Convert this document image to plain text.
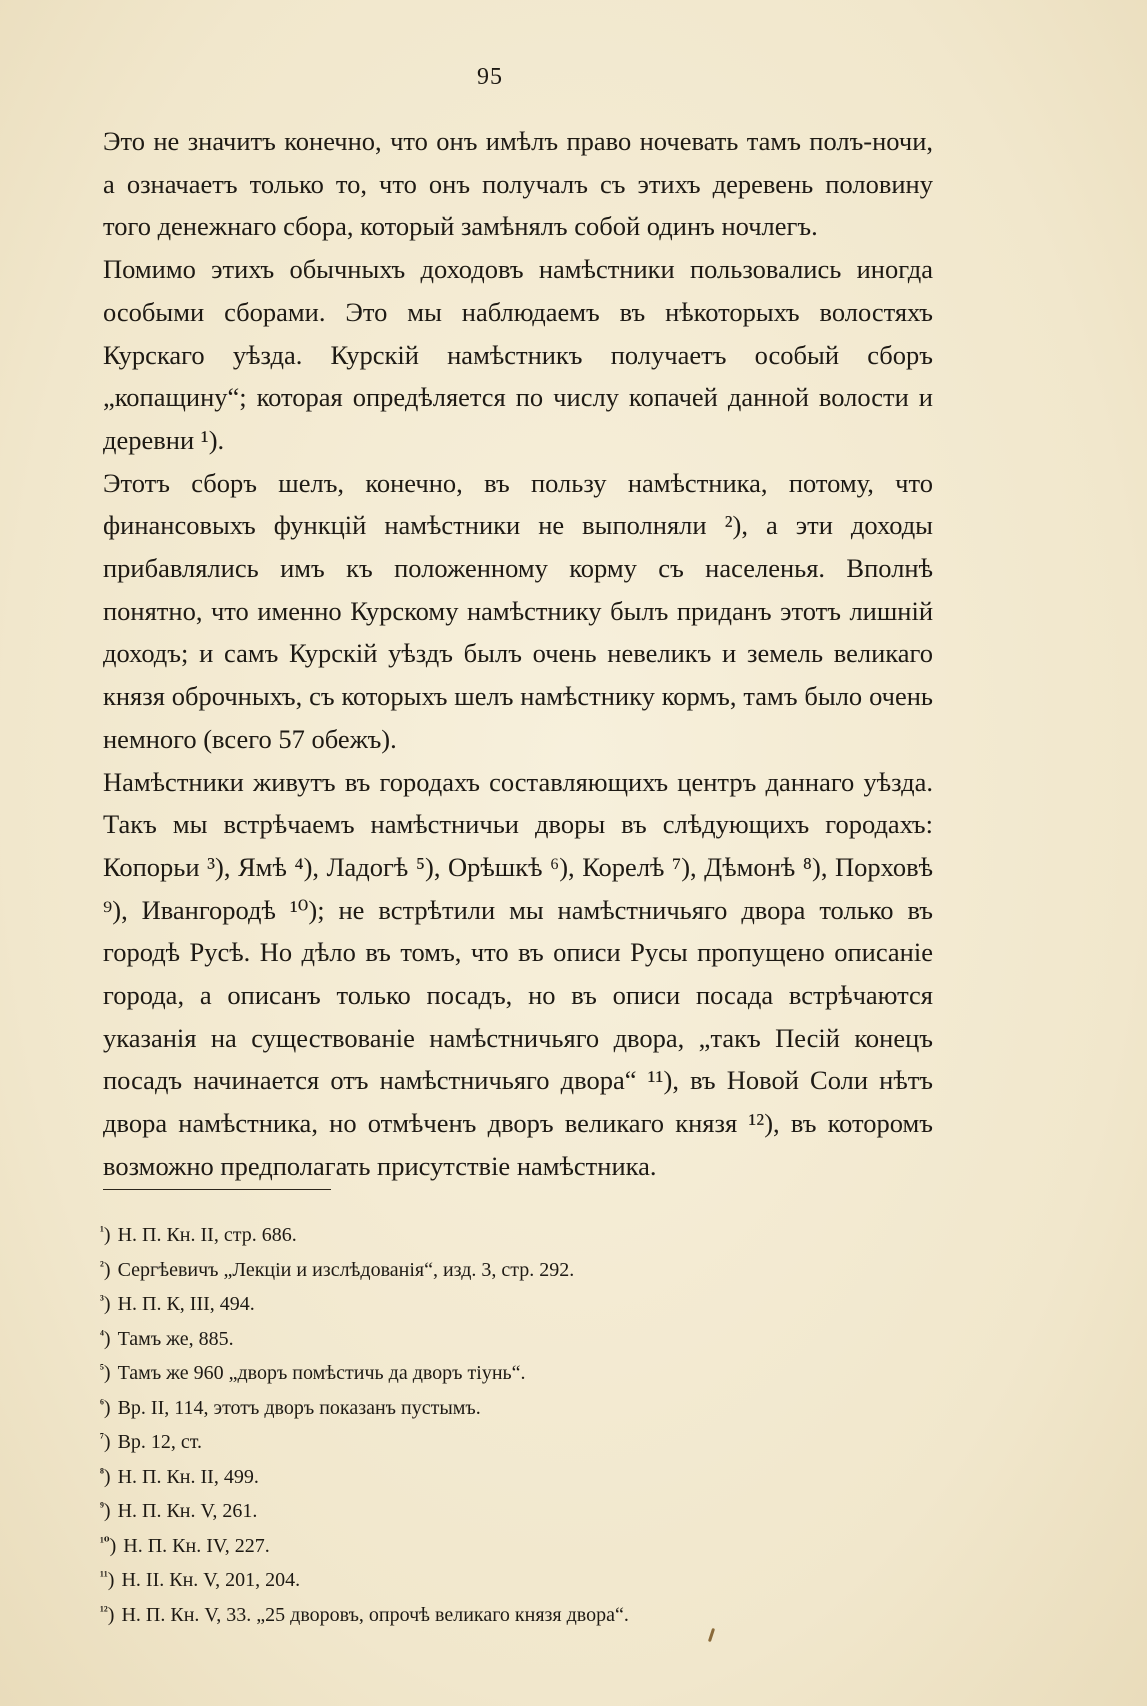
95

Это не значитъ конечно, что онъ имѣлъ право ночевать тамъ полъ-ночи, а означаетъ только то, что онъ получалъ съ этихъ деревень половину того денежнаго сбора, который замѣнялъ собой одинъ ночлегъ.

Помимо этихъ обычныхъ доходовъ намѣстники пользовались иногда особыми сборами. Это мы наблюдаемъ въ нѣкоторыхъ волостяхъ Курскаго уѣзда. Курскій намѣстникъ получаетъ особый сборъ „копащину“; которая опредѣляется по числу копачей данной волости и деревни ¹).

Этотъ сборъ шелъ, конечно, въ пользу намѣстника, потому, что финансовыхъ функцій намѣстники не выполняли ²), а эти доходы прибавлялись имъ къ положенному корму съ населенья. Вполнѣ понятно, что именно Курскому намѣстнику былъ приданъ этотъ лишній доходъ; и самъ Курскій уѣздъ былъ очень невеликъ и земель великаго князя оброчныхъ, съ которыхъ шелъ намѣстнику кормъ, тамъ было очень немного (всего 57 обежъ).

Намѣстники живутъ въ городахъ составляющихъ центръ даннаго уѣзда. Такъ мы встрѣчаемъ намѣстничьи дворы въ слѣдующихъ городахъ: Копорьи ³), Ямѣ ⁴), Ладогѣ ⁵), Орѣшкѣ ⁶), Корелѣ ⁷), Дѣмонѣ ⁸), Порховѣ ⁹), Ивангородѣ ¹⁰); не встрѣтили мы намѣстничьяго двора только въ городѣ Русѣ. Но дѣло въ томъ, что въ описи Русы пропущено описаніе города, а описанъ только посадъ, но въ описи посада встрѣчаются указанія на существованіе намѣстничьяго двора, „такъ Песій конецъ посадъ начинается отъ намѣстничьяго двора“ ¹¹), въ Новой Соли нѣтъ двора намѣстника, но отмѣченъ дворъ великаго князя ¹²), въ которомъ возможно предполагать присутствіе намѣстника.

$^{^1}$) Н. П. Кн. II, стр. 686.
$^{^2}$) Сергѣевичъ „Лекціи и изслѣдованія“, изд. 3, стр. 292.
$^{^3}$) Н. П. К, III, 494.
$^{^4}$) Тамъ же, 885.
$^{^5}$) Тамъ же 960 „дворъ помѣстичь да дворъ тіунь“.
$^{^6}$) Вр. II, 114, этотъ дворъ показанъ пустымъ.
$^{^7}$) Вр. 12, ст.
$^{^8}$) Н. П. Кн. II, 499.
$^{^9}$) Н. П. Кн. V, 261.
$^{^{10}}$) Н. П. Кн. IV, 227.
$^{^{11}}$) Н. II. Кн. V, 201, 204.
$^{^{12}}$) Н. П. Кн. V, 33. „25 дворовъ, опрочѣ великаго князя двора“.
